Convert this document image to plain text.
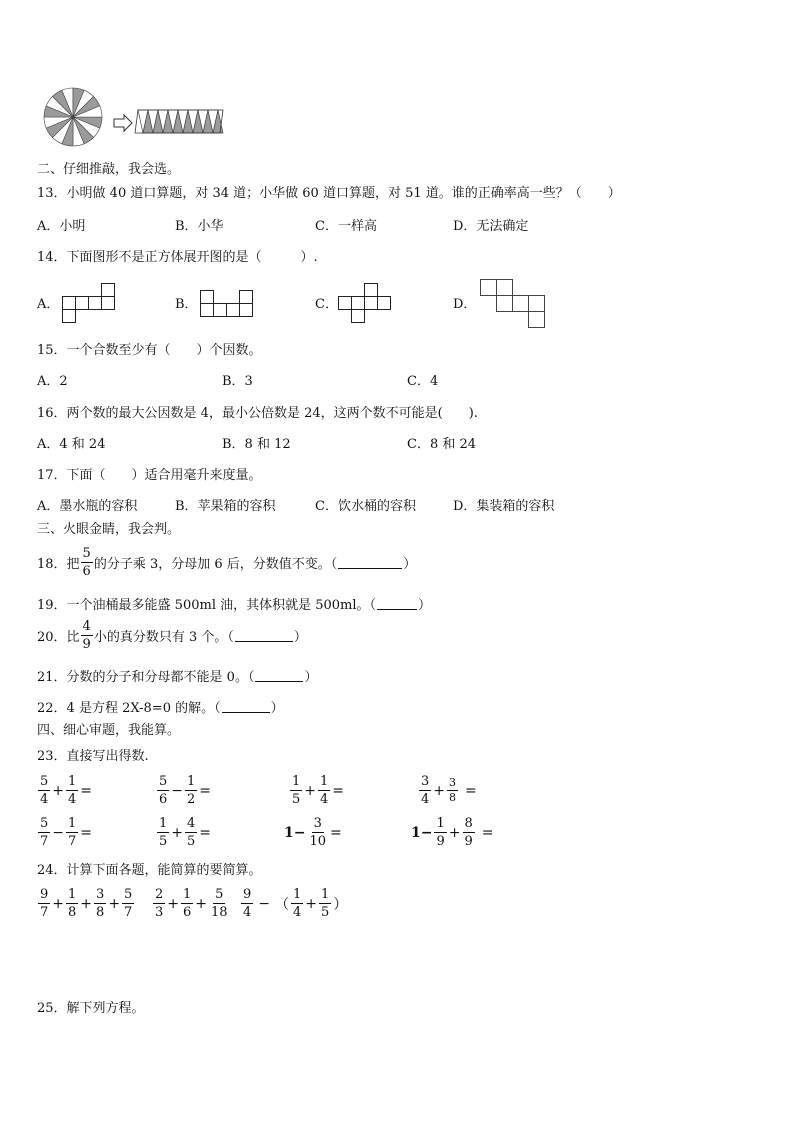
二、仔细推敲，我会选。
13．小明做 40 道口算题，对 34 道；小华做 60 道口算题，对 51 道。谁的正确率高一些？（　　）
A．小明	B．小华	C．一样高	D．无法确定
14．下面图形不是正方体展开图的是（　　　）.
A．	B．	C．	D．
15．一个合数至少有（　　）个因数。
A．2	B．3	C．4
16．两个数的最大公因数是 4，最小公倍数是 24，这两个数不可能是(　　).
A．4 和 24	B．8 和 12	C．8 和 24
17．下面（　　）适合用毫升来度量。
A．墨水瓶的容积	B．苹果箱的容积	C．饮水桶的容积	D．集装箱的容积
三、火眼金睛，我会判。
18．把 $\frac{5}{6}$ 的分子乘 3，分母加 6 后，分数值不变。（	）
19．一个油桶最多能盛 500ml 油，其体积就是 500ml。（	）
20．比 $\frac{4}{9}$ 小的真分数只有 3 个。（	）
21．分数的分子和分母都不能是 0。（	）
22．4 是方程 2X-8=0 的解。（	）
四、细心审题，我能算。
23．直接写出得数.
$\frac{5}{4} + \frac{1}{4}$ =	$\frac{5}{6} - \frac{1}{2}$ =	$\frac{1}{5} + \frac{1}{4}$ =	$\frac{3}{4} + \frac{3}{8}$ =
$\frac{5}{7} - \frac{1}{7}$ =	$\frac{1}{5} + \frac{4}{5}$ =	$1- \frac{3}{10}$ =	$1- \frac{1}{9} + \frac{8}{9}$ =
24．计算下面各题，能简算的要简算。
$\frac{9}{7} + \frac{1}{8} + \frac{3}{8} + \frac{5}{7} \frac{2}{3} + \frac{1}{6} + \frac{5}{18} \frac{9}{4}$ − （ $\frac{1}{4} + \frac{1}{5}$ ）
25．解下列方程。
